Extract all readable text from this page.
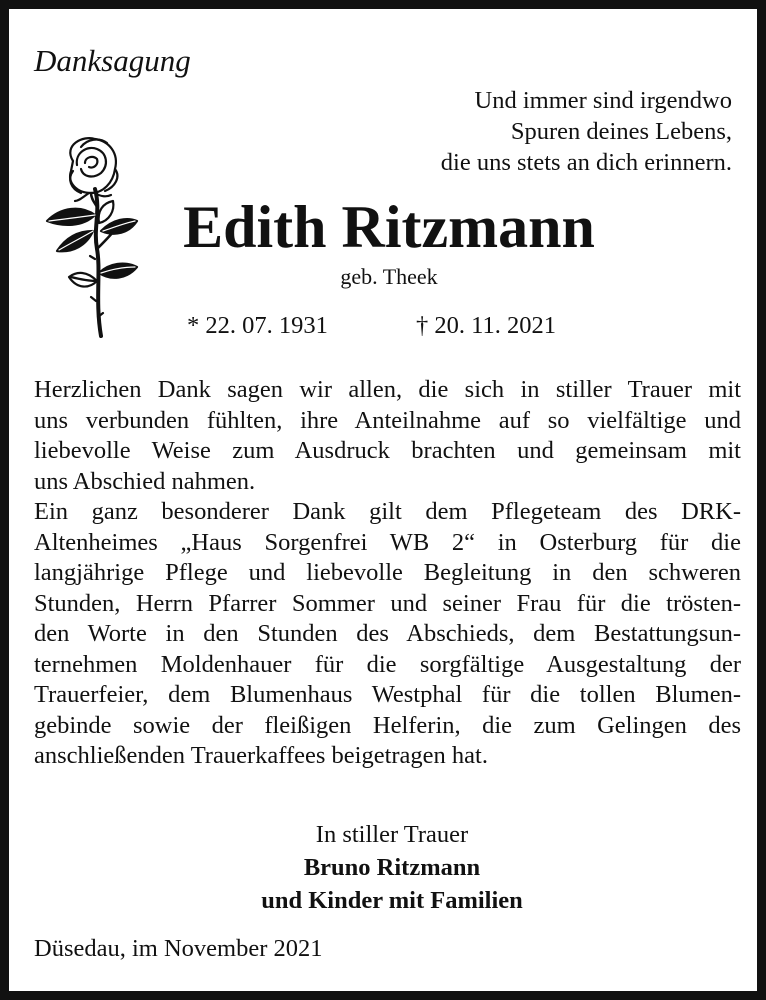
Danksagung
Und immer sind irgendwo
Spuren deines Lebens,
die uns stets an dich erinnern.
Edith Ritzmann
geb. Theek
* 22. 07. 1931	† 20. 11. 2021
Herzlichen Dank sagen wir allen, die sich in stiller Trauer mit
uns verbunden fühlten, ihre Anteilnahme auf so vielfältige und
liebevolle Weise zum Ausdruck brachten und gemeinsam mit
uns Abschied nahmen.
Ein ganz besonderer Dank gilt dem Pflegeteam des DRK-
Altenheimes „Haus Sorgenfrei WB 2“ in Osterburg für die
langjährige Pflege und liebevolle Begleitung in den schweren
Stunden, Herrn Pfarrer Sommer und seiner Frau für die trösten-
den Worte in den Stunden des Abschieds, dem Bestattungsun-
ternehmen Moldenhauer für die sorgfältige Ausgestaltung der
Trauerfeier, dem Blumenhaus Westphal für die tollen Blumen-
gebinde sowie der fleißigen Helferin, die zum Gelingen des
anschließenden Trauerkaffees beigetragen hat.
In stiller Trauer
Bruno Ritzmann
und Kinder mit Familien
Düsedau, im November 2021
